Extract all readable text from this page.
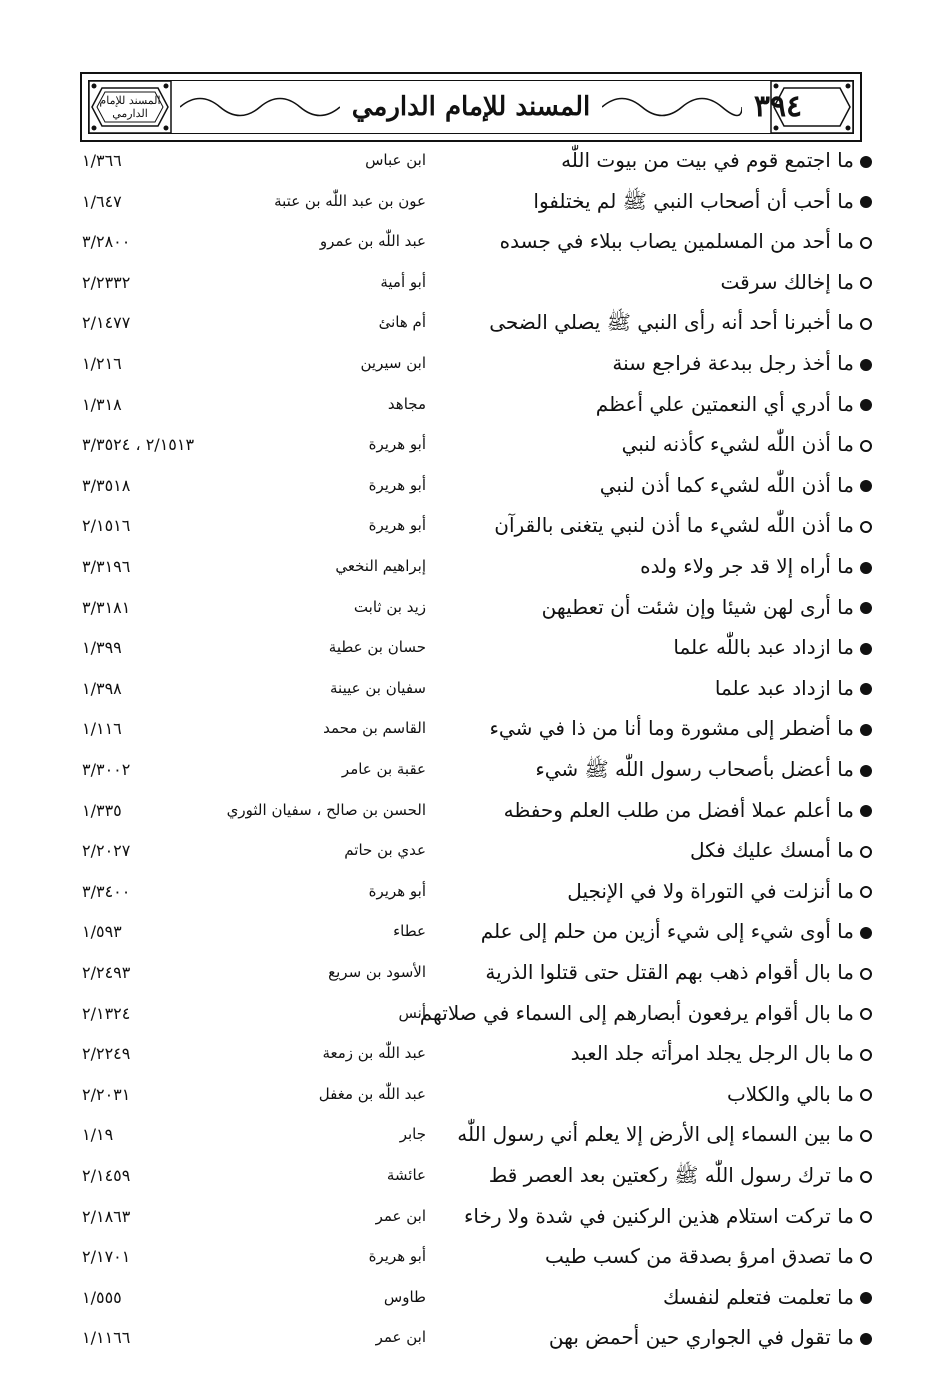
المسند للإمام الدارمي	المسند للإمام الدارمي	٣٩٤
ما اجتمع قوم في بيت من بيوت اللّٰه
ابن عباس
١/٣٦٦
ما أحب أن أصحاب النبي ﷺ لم يختلفوا
عون بن عبد اللّٰه بن عتبة
١/٦٤٧
ما أحد من المسلمين يصاب ببلاء في جسده
عبد اللّٰه بن عمرو
٣/٢٨٠٠
ما إخالك سرقت
أبو أمية
٢/٢٣٣٢
ما أخبرنا أحد أنه رأى النبي ﷺ يصلي الضحى
أم هانئ
٢/١٤٧٧
ما أخذ رجل ببدعة فراجع سنة
ابن سيرين
١/٢١٦
ما أدري أي النعمتين علي أعظم
مجاهد
١/٣١٨
ما أذن اللّٰه لشيء كأذنه لنبي
أبو هريرة
٢/١٥١٣ ، ٣/٣٥٢٤
ما أذن اللّٰه لشيء كما أذن لنبي
أبو هريرة
٣/٣٥١٨
ما أذن اللّٰه لشيء ما أذن لنبي يتغنى بالقرآن
أبو هريرة
٢/١٥١٦
ما أراه إلا قد جر ولاء ولده
إبراهيم النخعي
٣/٣١٩٦
ما أرى لهن شيئا وإن شئت أن تعطيهن
زيد بن ثابت
٣/٣١٨١
ما ازداد عبد باللّٰه علما
حسان بن عطية
١/٣٩٩
ما ازداد عبد علما
سفيان بن عيينة
١/٣٩٨
ما أضطر إلى مشورة وما أنا من ذا في شيء
القاسم بن محمد
١/١١٦
ما أعضل بأصحاب رسول اللّٰه ﷺ شيء
عقبة بن عامر
٣/٣٠٠٢
ما أعلم عملا أفضل من طلب العلم وحفظه
الحسن بن صالح ، سفيان الثوري
١/٣٣٥
ما أمسك عليك فكل
عدي بن حاتم
٢/٢٠٢٧
ما أنزلت في التوراة ولا في الإنجيل
أبو هريرة
٣/٣٤٠٠
ما أوى شيء إلى شيء أزين من حلم إلى علم
عطاء
١/٥٩٣
ما بال أقوام ذهب بهم القتل حتى قتلوا الذرية
الأسود بن سريع
٢/٢٤٩٣
ما بال أقوام يرفعون أبصارهم إلى السماء في صلاتهم
أنس
٢/١٣٢٤
ما بال الرجل يجلد امرأته جلد العبد
عبد اللّٰه بن زمعة
٢/٢٢٤٩
ما بالي والكلاب
عبد اللّٰه بن مغفل
٢/٢٠٣١
ما بين السماء إلى الأرض إلا يعلم أني رسول اللّٰه
جابر
١/١٩
ما ترك رسول اللّٰه ﷺ ركعتين بعد العصر قط
عائشة
٢/١٤٥٩
ما تركت استلام هذين الركنين في شدة ولا رخاء
ابن عمر
٢/١٨٦٣
ما تصدق امرؤ بصدقة من كسب طيب
أبو هريرة
٢/١٧٠١
ما تعلمت فتعلم لنفسك
طاوس
١/٥٥٥
ما تقول في الجواري حين أحمض بهن
ابن عمر
١/١١٦٦
